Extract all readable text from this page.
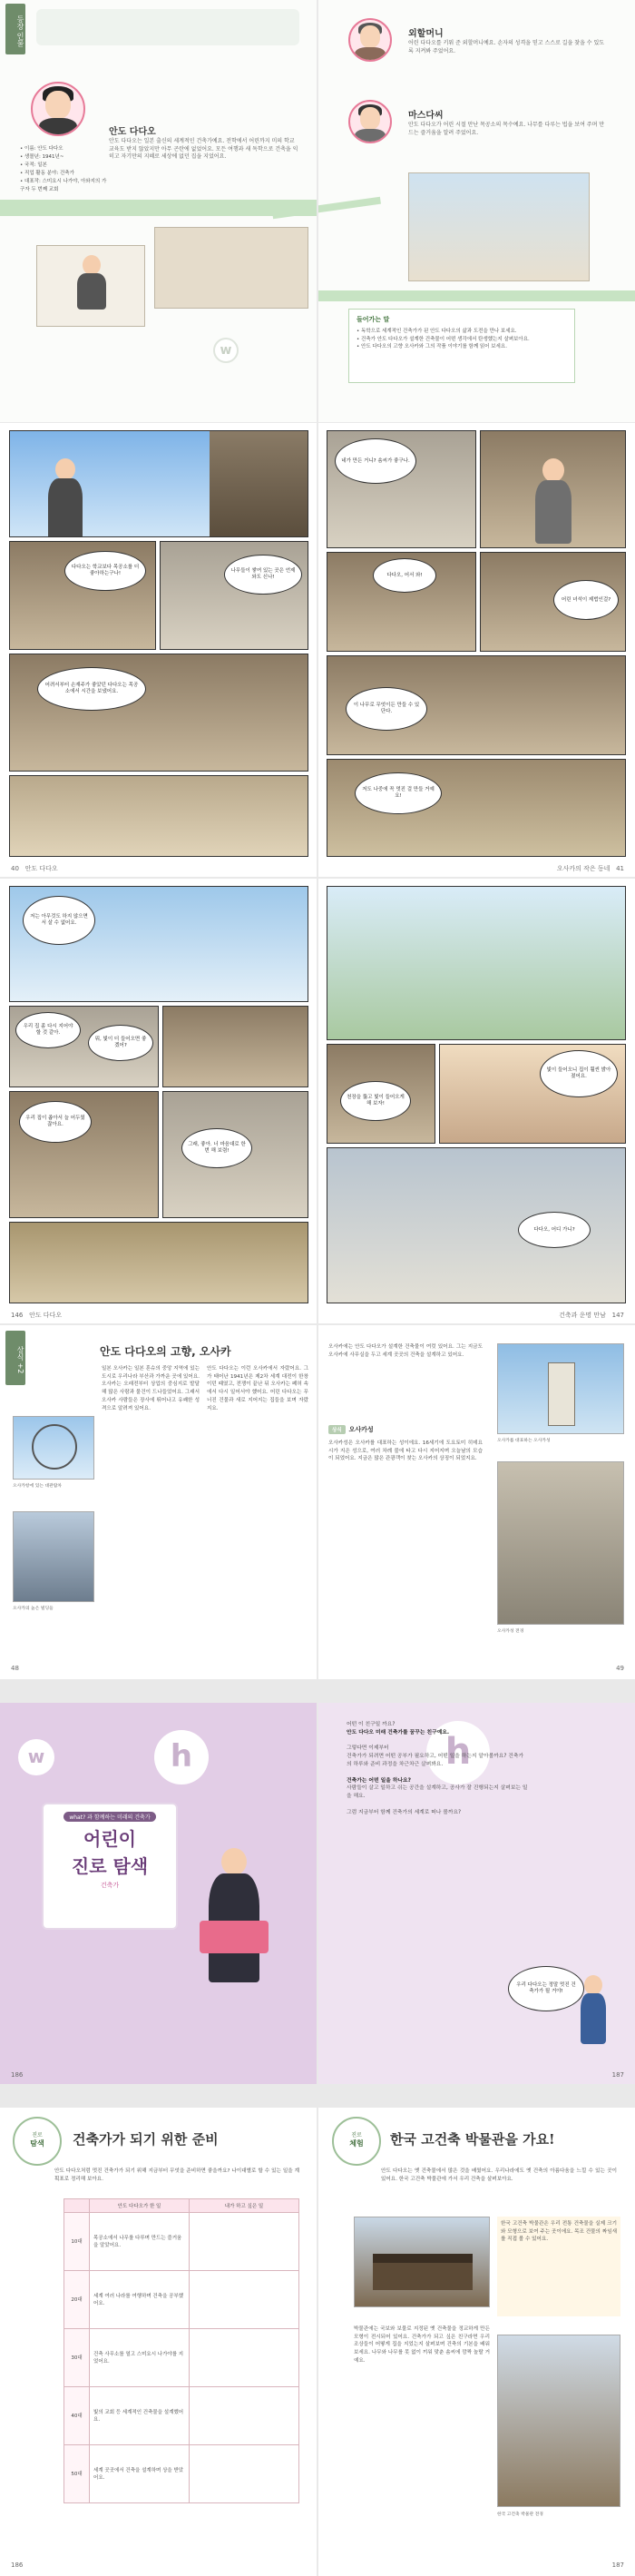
등장 인물
• 이름: 안도 다다오
• 생몰년: 1941년~
• 국적: 일본
• 직업 활동 분야: 건축가
• 대표작: 스미요시 나가야, 아와지의 가구자 두 번째 교회
안도 다다오
안도 다다오는 일본 출신의 세계적인 건축가예요. 전학에서 어린까지 미의 학교 교육도 받지 않았지만 아무 곤란에 없었어요. 모든 여행과 새 독학으로 건축을 익히고 자기만의 지혜로 세상에 없던 집을 지었어요.
외할머니
어린 다다오를 키워 준 외할머니예요. 손자의 성격을 믿고 스스로 길을 찾을 수 있도록 지켜봐 주었어요.
마스다씨
안도 다다오가 어린 시절 만난 목공소의 목수예요. 나무를 다루는 법을 보여 주며 만드는 즐거움을 알려 주었어요.
들어가는 말
• 독학으로 세계적인 건축가가 된 안도 다다오의 삶과 도전을 만나 보세요.
• 건축가 안도 다다오가 설계한 건축물이 어떤 생각에서 탄생했는지 살펴보아요.
• 안도 다다오의 고향 오사카와 그의 작품 이야기를 함께 읽어 보세요.
w
다다오는 학교보다 목공소를 더 좋아하는구나!	나무들이 쌓여 있는 곳은 언제 와도 신나!
어려서부터 손재주가 좋았던 다다오는 목공소에서 시간을 보냈어요.
네가 만든 거니? 솜씨가 좋구나.
다다오, 어서 와!
어린 녀석이 제법인걸?
이 나무로 무엇이든 만들 수 있단다.
저도 나중에 꼭 멋진 걸 만들 거예요!
40 안도 다다오	오사카의 작은 동네 41
저는 아무것도 하지 않으면서 살 수 없어요.
우리 집 좀 다시 지어야 할 것 같아.
뭐, 빛이 더 들어오면 좋겠어?
우리 집이 좁아서 늘 어두웠잖아요.
그래, 좋아. 너 마음대로 한번 해 보렴!
천장을 뚫고 빛이 들어오게 해 보자!
빛이 들어오니 집이 훨씬 밝아졌어요.
다다오, 어디 가니?
146 안도 다다오	건축과 운명 만남 147
상식 +2	안도 다다오의 고향, 오사카
오사카항에 있는 대관람차
오사카의 높은 빌딩들
일본 오사카는 일본 혼슈의 중앙 지역에 있는 도시로 우리나라 부산과 가까운 곳에 있어요. 오사카는 오래전부터 상업의 중심지로 발달해 많은 사람과 물건이 드나들었어요. 그래서 오사카 사람들은 장사에 뛰어나고 유쾌한 성격으로 알려져 있어요.
안도 다다오는 이런 오사카에서 자랐어요. 그가 태어난 1941년은 제2차 세계 대전이 한창이던 때였고, 전쟁이 끝난 뒤 오사카는 폐허 속에서 다시 일어서야 했어요. 어린 다다오는 무너진 건물과 새로 지어지는 집들을 보며 자랐지요.
오사카에는 안도 다다오가 설계한 건축물이 여럿 있어요. 그는 지금도 오사카에 사무실을 두고 세계 곳곳의 건축을 설계하고 있어요.
상식 오사카성
오사카성은 오사카를 대표하는 성이에요. 16세기에 도요토미 히데요시가 지은 성으로, 여러 차례 불에 타고 다시 지어지며 오늘날의 모습이 되었어요. 지금은 많은 관광객이 찾는 오사카의 상징이 되었지요.
오사카를 대표하는 오사카성
오사카성 전경
48	49
h
w	h
what? 과 함께하는 미래의 건축가
어린이
진로 탐색
건축가
어떤 이 친구일 까요?
안도 다다오 미래 건축가를 꿈꾸는 친구예요.

그렇다면 이제부터
건축가가 되려면 어떤 공부가 필요하고, 어떤 일을 하는지 알아볼까요? 건축가의 하루와 준비 과정을 차근차근 살펴봐요.

건축가는 어떤 일을 하나요?
사람들이 살고 일하고 쉬는 공간을 설계하고, 공사가 잘 진행되는지 살펴보는 일을 해요.

그럼 지금부터 함께 건축가의 세계로 떠나 볼까요?
우리 다다오는 정말 멋진 건축가가 될 거야!
186	187
진로
탐색	건축가가 되기 위한 준비
안도 다다오처럼 멋진 건축가가 되기 위해 지금부터 무엇을 준비하면 좋을까요? 나이대별로 할 수 있는 일을 계획표로 정리해 보아요.
	안도 다다오가 한 일	내가 하고 싶은 일
10대	목공소에서 나무를 다루며 만드는 즐거움을 알았어요.	
20대	세계 여러 나라를 여행하며 건축을 공부했어요.	
30대	건축 사무소를 열고 스미요시 나가야를 지었어요.	
40대	빛의 교회 등 세계적인 건축물을 설계했어요.	
50대	세계 곳곳에서 건축을 설계하며 상을 받았어요.	
진로
체험	한국 고건축 박물관을 가요!
안도 다다오는 옛 건축물에서 많은 것을 배웠어요. 우리나라에도 옛 건축의 아름다움을 느낄 수 있는 곳이 있어요. 한국 고건축 박물관에 가서 우리 건축을 살펴보아요.
한국 고건축 박물관은 우리 전통 건축물을 실제 크기와 모형으로 보여 주는 곳이에요. 목조 건물의 짜임새를 직접 볼 수 있어요.
박물관에는 국보와 보물로 지정된 옛 건축물을 정교하게 만든 모형이 전시되어 있어요. 건축가가 되고 싶은 친구라면 우리 조상들이 어떻게 집을 지었는지 살펴보며 건축의 기본을 배워 보세요. 나무와 나무를 못 없이 끼워 맞춘 솜씨에 깜짝 놀랄 거예요.
한국 고건축 박물관 전경
186	187
